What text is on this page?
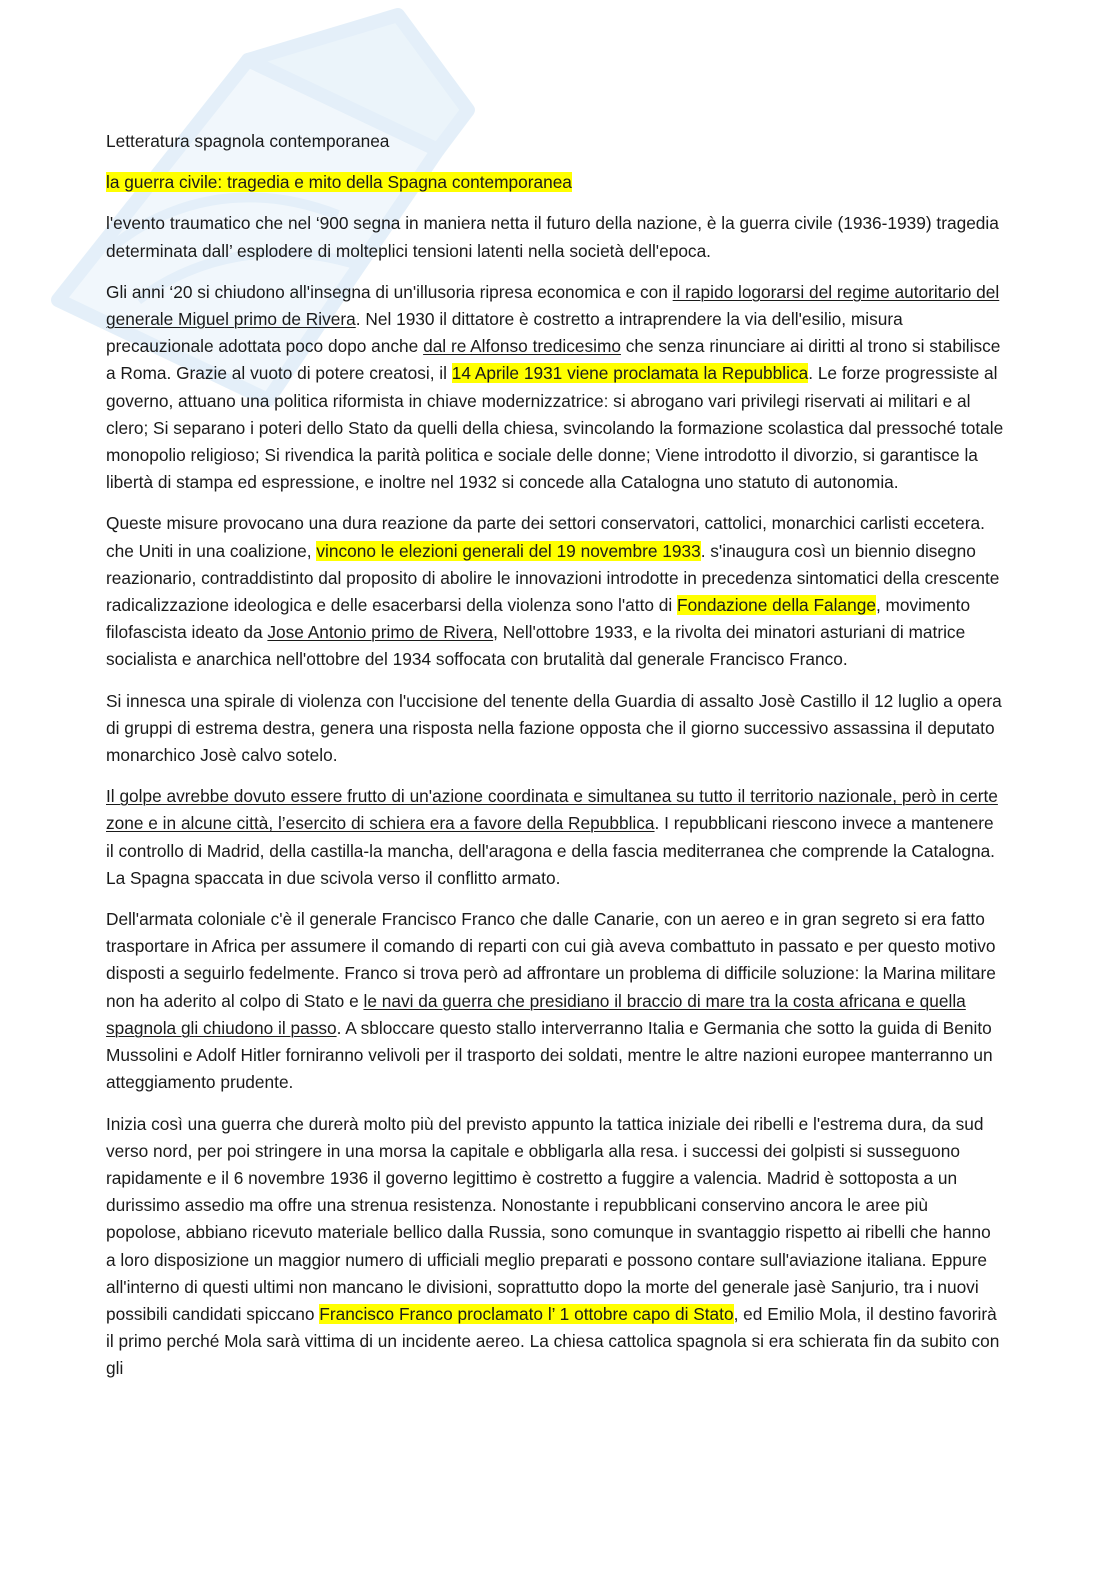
Letteratura spagnola contemporanea

la guerra civile: tragedia e mito della Spagna contemporanea

l'evento traumatico che nel ‘900 segna in maniera netta il futuro della nazione, è la guerra civile (1936-1939) tragedia determinata dall’ esplodere di molteplici tensioni latenti nella società dell'epoca.

Gli anni ‘20 si chiudono all'insegna di un'illusoria ripresa economica e con il rapido logorarsi del regime autoritario del generale Miguel primo de Rivera. Nel 1930 il dittatore è costretto a intraprendere la via dell'esilio, misura precauzionale adottata poco dopo anche dal re Alfonso tredicesimo che senza rinunciare ai diritti al trono si stabilisce a Roma. Grazie al vuoto di potere creatosi, il 14 Aprile 1931 viene proclamata la Repubblica. Le forze progressiste al governo, attuano una politica riformista in chiave modernizzatrice: si abrogano vari privilegi riservati ai militari e al clero; Si separano i poteri dello Stato da quelli della chiesa, svincolando la formazione scolastica dal pressoché totale monopolio religioso; Si rivendica la parità politica e sociale delle donne; Viene introdotto il divorzio, si garantisce la libertà di stampa ed espressione, e inoltre nel 1932 si concede alla Catalogna uno statuto di autonomia.

Queste misure provocano una dura reazione da parte dei settori conservatori, cattolici, monarchici carlisti eccetera. che Uniti in una coalizione, vincono le elezioni generali del 19 novembre 1933. s'inaugura così un biennio disegno reazionario, contraddistinto dal proposito di abolire le innovazioni introdotte in precedenza sintomatici della crescente radicalizzazione ideologica e delle esacerbarsi della violenza sono l'atto di Fondazione della Falange, movimento filofascista ideato da Jose Antonio primo de Rivera, Nell'ottobre 1933, e la rivolta dei minatori asturiani di matrice socialista e anarchica nell'ottobre del 1934 soffocata con brutalità dal generale Francisco Franco.

Si innesca una spirale di violenza con l'uccisione del tenente della Guardia di assalto Josè Castillo il 12 luglio a opera di gruppi di estrema destra, genera una risposta nella fazione opposta che il giorno successivo assassina il deputato monarchico Josè calvo sotelo.

Il golpe avrebbe dovuto essere frutto di un'azione coordinata e simultanea su tutto il territorio nazionale, però in certe zone e in alcune città, l’esercito di schiera era a favore della Repubblica. I repubblicani riescono invece a mantenere il controllo di Madrid, della castilla-la mancha, dell'aragona e della fascia mediterranea che comprende la Catalogna. La Spagna spaccata in due scivola verso il conflitto armato.

Dell'armata coloniale c'è il generale Francisco Franco che dalle Canarie, con un aereo e in gran segreto si era fatto trasportare in Africa per assumere il comando di reparti con cui già aveva combattuto in passato e per questo motivo disposti a seguirlo fedelmente. Franco si trova però ad affrontare un problema di difficile soluzione: la Marina militare non ha aderito al colpo di Stato e le navi da guerra che presidiano il braccio di mare tra la costa africana e quella spagnola gli chiudono il passo. A sbloccare questo stallo interverranno Italia e Germania che sotto la guida di Benito Mussolini e Adolf Hitler forniranno velivoli per il trasporto dei soldati, mentre le altre nazioni europee manterranno un atteggiamento prudente.

Inizia così una guerra che durerà molto più del previsto appunto la tattica iniziale dei ribelli e l'estrema dura, da sud verso nord, per poi stringere in una morsa la capitale e obbligarla alla resa. i successi dei golpisti si susseguono rapidamente e il 6 novembre 1936 il governo legittimo è costretto a fuggire a valencia. Madrid è sottoposta a un durissimo assedio ma offre una strenua resistenza. Nonostante i repubblicani conservino ancora le aree più popolose, abbiano ricevuto materiale bellico dalla Russia, sono comunque in svantaggio rispetto ai ribelli che hanno a loro disposizione un maggior numero di ufficiali meglio preparati e possono contare sull'aviazione italiana. Eppure all'interno di questi ultimi non mancano le divisioni, soprattutto dopo la morte del generale jasè Sanjurio, tra i nuovi possibili candidati spiccano Francisco Franco proclamato l’ 1 ottobre capo di Stato, ed Emilio Mola, il destino favorirà il primo perché Mola sarà vittima di un incidente aereo. La chiesa cattolica spagnola si era schierata fin da subito con gli
